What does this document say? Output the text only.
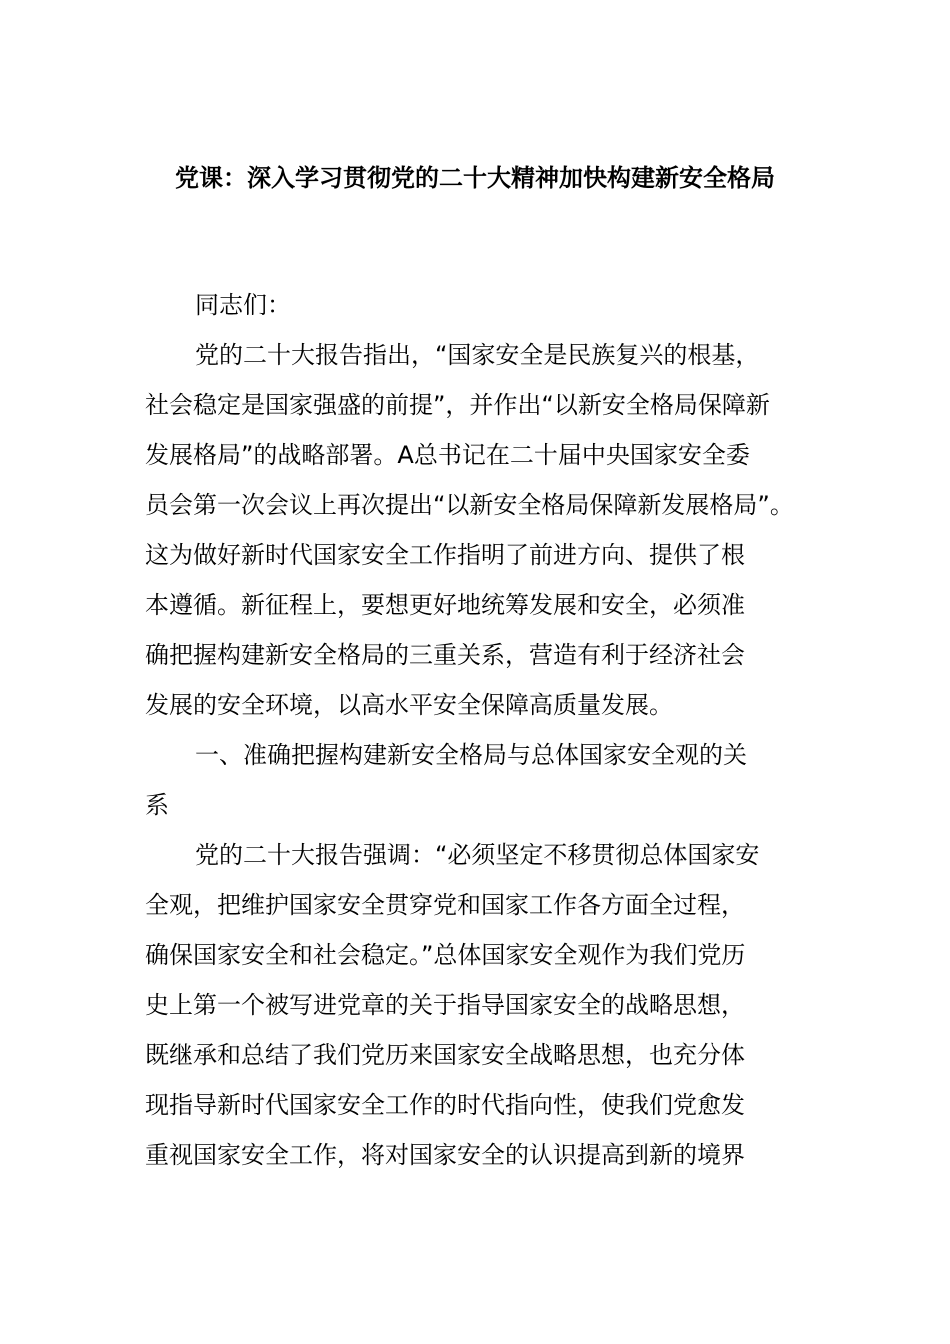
党课：深入学习贯彻党的二十大精神加快构建新安全格局
同志们：
党的二十大报告指出，“国家安全是民族复兴的根基，
社会稳定是国家强盛的前提”，并作出“以新安全格局保障新
发展格局”的战略部署。A总书记在二十届中央国家安全委
员会第一次会议上再次提出“以新安全格局保障新发展格局”。
这为做好新时代国家安全工作指明了前进方向、提供了根
本遵循。新征程上，要想更好地统筹发展和安全，必须准
确把握构建新安全格局的三重关系，营造有利于经济社会
发展的安全环境，以高水平安全保障高质量发展。
一、准确把握构建新安全格局与总体国家安全观的关
系
党的二十大报告强调：“必须坚定不移贯彻总体国家安
全观，把维护国家安全贯穿党和国家工作各方面全过程，
确保国家安全和社会稳定。”总体国家安全观作为我们党历
史上第一个被写进党章的关于指导国家安全的战略思想，
既继承和总结了我们党历来国家安全战略思想，也充分体
现指导新时代国家安全工作的时代指向性，使我们党愈发
重视国家安全工作，将对国家安全的认识提高到新的境界
